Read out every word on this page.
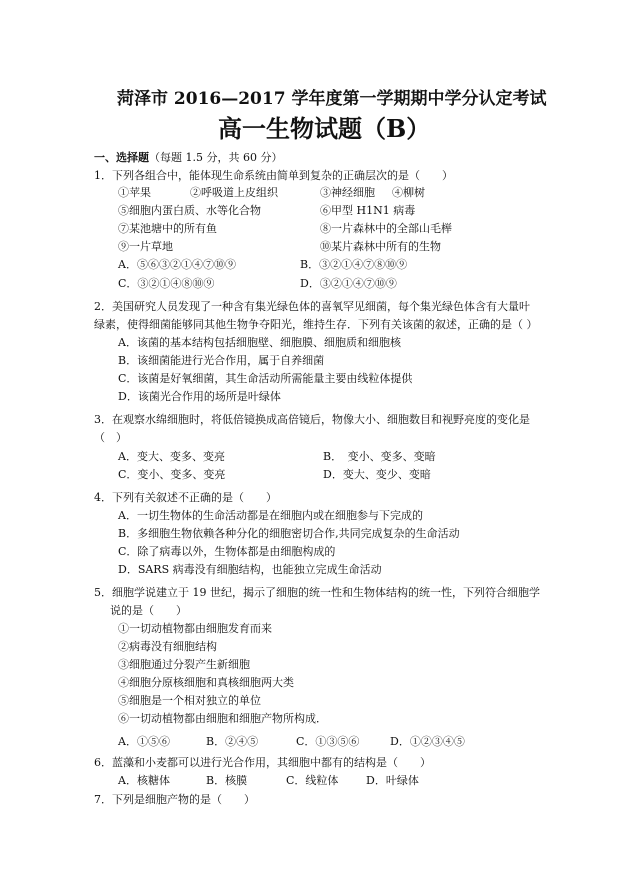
菏泽市 2016—2017 学年度第一学期期中学分认定考试
高一生物试题（B）
一、选择题（每题 1.5 分，共 60 分）
1．下列各组合中，能体现生命系统由简单到复杂的正确层次的是（　　）
①苹果	②呼吸道上皮组织	③神经细胞 ④柳树
⑤细胞内蛋白质、水等化合物	⑥甲型 H1N1 病毒
⑦某池塘中的所有鱼	⑧一片森林中的全部山毛榉
⑨一片草地	⑩某片森林中所有的生物
A．⑤⑥③②①④⑦⑩⑨	B．③②①④⑦⑧⑩⑨
C．③②①④⑧⑩⑨	D．③②①④⑦⑩⑨
2．美国研究人员发现了一种含有集光绿色体的喜氧罕见细菌，每个集光绿色体含有大量叶
绿素，使得细菌能够同其他生物争夺阳光，维持生存．下列有关该菌的叙述，正确的是（ ）
A．该菌的基本结构包括细胞壁、细胞膜、细胞质和细胞核
B．该细菌能进行光合作用，属于自养细菌
C．该菌是好氧细菌，其生命活动所需能量主要由线粒体提供
D．该菌光合作用的场所是叶绿体
3．在观察水绵细胞时，将低倍镜换成高倍镜后，物像大小、细胞数目和视野亮度的变化是
（　）
A．变大、变多、变亮	B．　变小、变多、变暗
C．变小、变多、变亮	D．变大、变少、变暗
4．下列有关叙述不正确的是（　　）
A．一切生物体的生命活动都是在细胞内或在细胞参与下完成的
B．多细胞生物依赖各种分化的细胞密切合作,共同完成复杂的生命活动
C．除了病毒以外，生物体都是由细胞构成的
D．SARS 病毒没有细胞结构，也能独立完成生命活动
5．细胞学说建立于 19 世纪，揭示了细胞的统一性和生物体结构的统一性，下列符合细胞学
说的是（　　）
①一切动植物都由细胞发育而来
②病毒没有细胞结构
③细胞通过分裂产生新细胞
④细胞分原核细胞和真核细胞两大类
⑤细胞是一个相对独立的单位
⑥一切动植物都由细胞和细胞产物所构成．
A．①⑤⑥	B．②④⑤	C．①③⑤⑥	D．①②③④⑤
6．蓝藻和小麦都可以进行光合作用，其细胞中都有的结构是（　　）
A．核糖体	B．核膜	C．线粒体	D．叶绿体
7．下列是细胞产物的是（　　）
